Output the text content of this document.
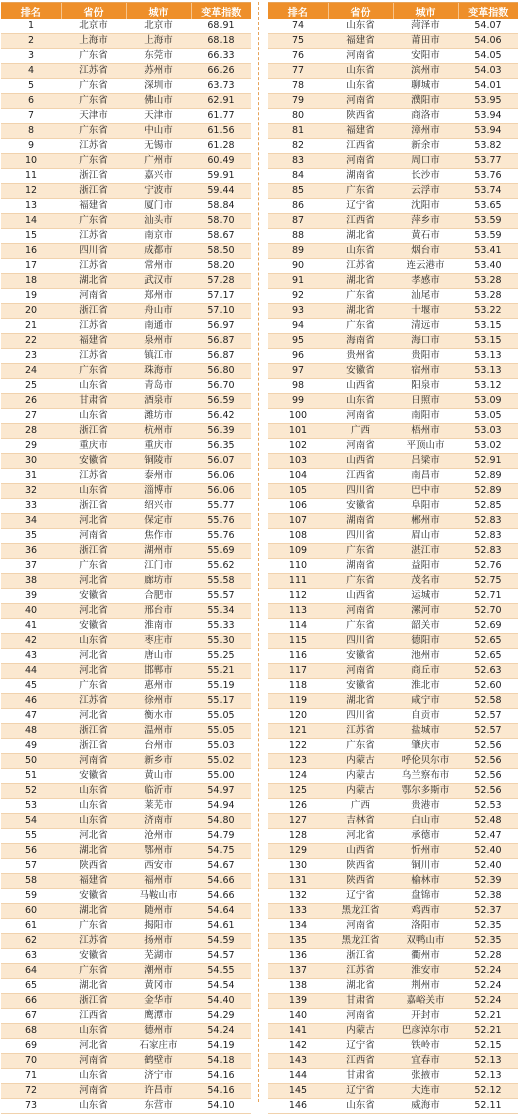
排名	省份	城市	变革指数
1	北京市	北京市	68.91
2	上海市	上海市	68.18
3	广东省	东莞市	66.33
4	江苏省	苏州市	66.26
5	广东省	深圳市	63.73
6	广东省	佛山市	62.91
7	天津市	天津市	61.77
8	广东省	中山市	61.56
9	江苏省	无锡市	61.28
10	广东省	广州市	60.49
11	浙江省	嘉兴市	59.91
12	浙江省	宁波市	59.44
13	福建省	厦门市	58.84
14	广东省	汕头市	58.70
15	江苏省	南京市	58.67
16	四川省	成都市	58.50
17	江苏省	常州市	58.20
18	湖北省	武汉市	57.28
19	河南省	郑州市	57.17
20	浙江省	舟山市	57.10
21	江苏省	南通市	56.97
22	福建省	泉州市	56.87
23	江苏省	镇江市	56.87
24	广东省	珠海市	56.80
25	山东省	青岛市	56.70
26	甘肃省	酒泉市	56.59
27	山东省	潍坊市	56.42
28	浙江省	杭州市	56.39
29	重庆市	重庆市	56.35
30	安徽省	铜陵市	56.07
31	江苏省	泰州市	56.06
32	山东省	淄博市	56.06
33	浙江省	绍兴市	55.77
34	河北省	保定市	55.76
35	河南省	焦作市	55.76
36	浙江省	湖州市	55.69
37	广东省	江门市	55.62
38	河北省	廊坊市	55.58
39	安徽省	合肥市	55.57
40	河北省	邢台市	55.34
41	安徽省	淮南市	55.33
42	山东省	枣庄市	55.30
43	河北省	唐山市	55.25
44	河北省	邯郸市	55.21
45	广东省	惠州市	55.19
46	江苏省	徐州市	55.17
47	河北省	衡水市	55.05
48	浙江省	温州市	55.05
49	浙江省	台州市	55.03
50	河南省	新乡市	55.02
51	安徽省	黄山市	55.00
52	山东省	临沂市	54.97
53	山东省	莱芜市	54.94
54	山东省	济南市	54.80
55	河北省	沧州市	54.79
56	湖北省	鄂州市	54.75
57	陕西省	西安市	54.67
58	福建省	福州市	54.66
59	安徽省	马鞍山市	54.66
60	湖北省	随州市	54.64
61	广东省	揭阳市	54.61
62	江苏省	扬州市	54.59
63	安徽省	芜湖市	54.57
64	广东省	潮州市	54.55
65	湖北省	黄冈市	54.54
66	浙江省	金华市	54.40
67	江西省	鹰潭市	54.29
68	山东省	德州市	54.24
69	河北省	石家庄市	54.19
70	河南省	鹤壁市	54.18
71	山东省	济宁市	54.16
72	河南省	许昌市	54.16
73	山东省	东营市	54.10
排名	省份	城市	变革指数
74	山东省	菏泽市	54.07
75	福建省	莆田市	54.06
76	河南省	安阳市	54.05
77	山东省	滨州市	54.03
78	山东省	聊城市	54.01
79	河南省	濮阳市	53.95
80	陕西省	商洛市	53.94
81	福建省	漳州市	53.94
82	江西省	新余市	53.82
83	河南省	周口市	53.77
84	湖南省	长沙市	53.76
85	广东省	云浮市	53.74
86	辽宁省	沈阳市	53.65
87	江西省	萍乡市	53.59
88	湖北省	黄石市	53.59
89	山东省	烟台市	53.41
90	江苏省	连云港市	53.40
91	湖北省	孝感市	53.28
92	广东省	汕尾市	53.28
93	湖北省	十堰市	53.22
94	广东省	清远市	53.15
95	海南省	海口市	53.15
96	贵州省	贵阳市	53.13
97	安徽省	宿州市	53.13
98	山西省	阳泉市	53.12
99	山东省	日照市	53.09
100	河南省	南阳市	53.05
101	广西	梧州市	53.03
102	河南省	平顶山市	53.02
103	山西省	吕梁市	52.91
104	江西省	南昌市	52.89
105	四川省	巴中市	52.89
106	安徽省	阜阳市	52.85
107	湖南省	郴州市	52.83
108	四川省	眉山市	52.83
109	广东省	湛江市	52.83
110	湖南省	益阳市	52.76
111	广东省	茂名市	52.75
112	山西省	运城市	52.71
113	河南省	漯河市	52.70
114	广东省	韶关市	52.69
115	四川省	德阳市	52.65
116	安徽省	池州市	52.65
117	河南省	商丘市	52.63
118	安徽省	淮北市	52.60
119	湖北省	咸宁市	52.58
120	四川省	自贡市	52.57
121	江苏省	盐城市	52.57
122	广东省	肇庆市	52.56
123	内蒙古	呼伦贝尔市	52.56
124	内蒙古	乌兰察布市	52.56
125	内蒙古	鄂尔多斯市	52.56
126	广西	贵港市	52.53
127	吉林省	白山市	52.48
128	河北省	承德市	52.47
129	山西省	忻州市	52.40
130	陕西省	铜川市	52.40
131	陕西省	榆林市	52.39
132	辽宁省	盘锦市	52.38
133	黑龙江省	鸡西市	52.37
134	河南省	洛阳市	52.35
135	黑龙江省	双鸭山市	52.35
136	浙江省	衢州市	52.28
137	江苏省	淮安市	52.24
138	湖北省	荆州市	52.24
139	甘肃省	嘉峪关市	52.24
140	河南省	开封市	52.21
141	内蒙古	巴彦淖尔市	52.21
142	辽宁省	铁岭市	52.15
143	江西省	宜春市	52.13
144	甘肃省	张掖市	52.13
145	辽宁省	大连市	52.12
146	山东省	威海市	52.11
